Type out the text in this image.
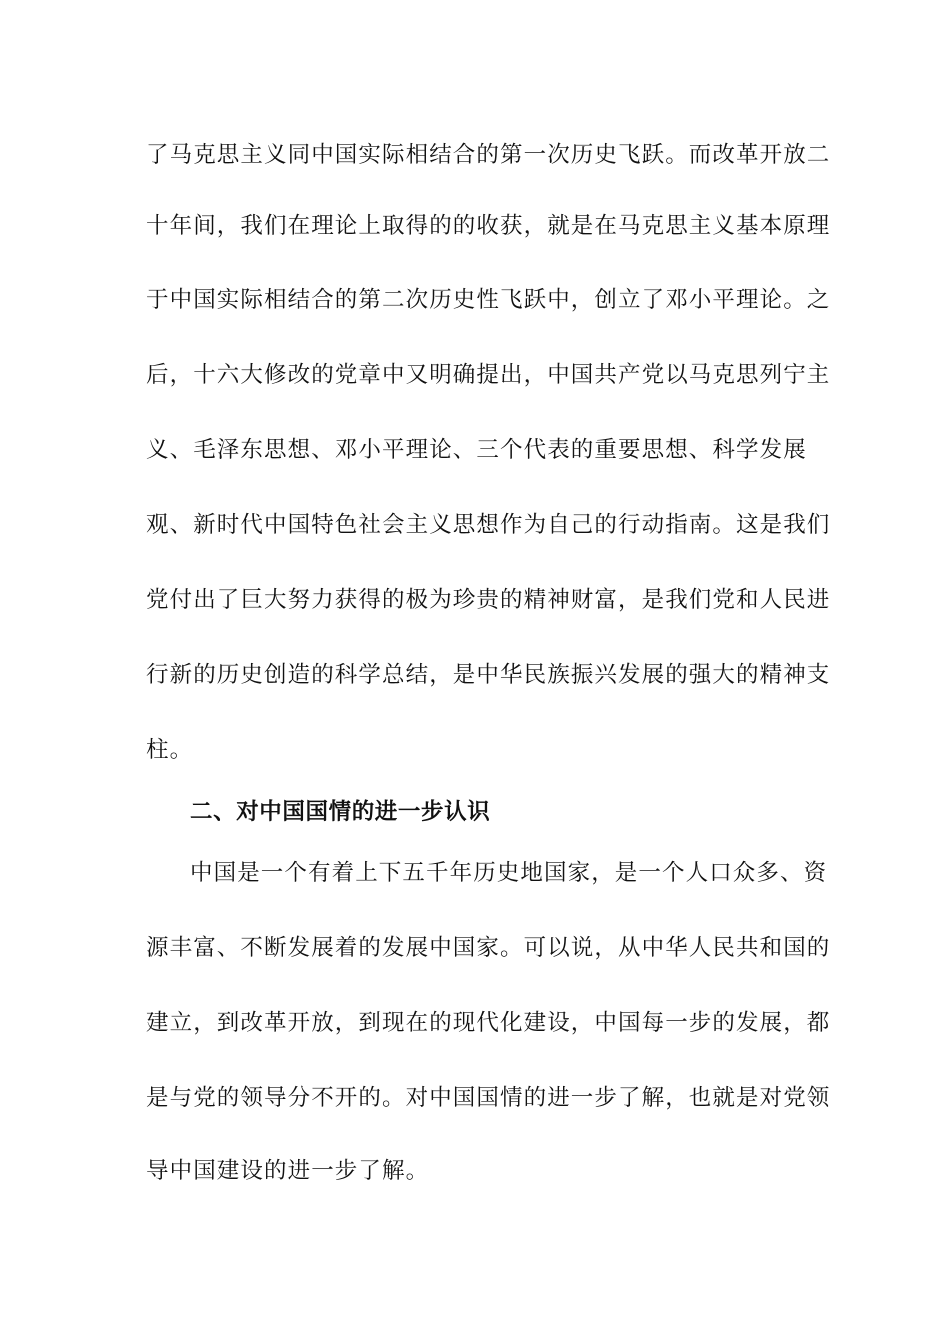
了马克思主义同中国实际相结合的第一次历史飞跃。而改革开放二
十年间，我们在理论上取得的的收获，就是在马克思主义基本原理
于中国实际相结合的第二次历史性飞跃中，创立了邓小平理论。之
后，十六大修改的党章中又明确提出，中国共产党以马克思列宁主
义、毛泽东思想、邓小平理论、三个代表的重要思想、科学发展
观、新时代中国特色社会主义思想作为自己的行动指南。这是我们
党付出了巨大努力获得的极为珍贵的精神财富，是我们党和人民进
行新的历史创造的科学总结，是中华民族振兴发展的强大的精神支
柱。
二、对中国国情的进一步认识
中国是一个有着上下五千年历史地国家，是一个人口众多、资
源丰富、不断发展着的发展中国家。可以说，从中华人民共和国的
建立，到改革开放，到现在的现代化建设，中国每一步的发展，都
是与党的领导分不开的。对中国国情的进一步了解，也就是对党领
导中国建设的进一步了解。
